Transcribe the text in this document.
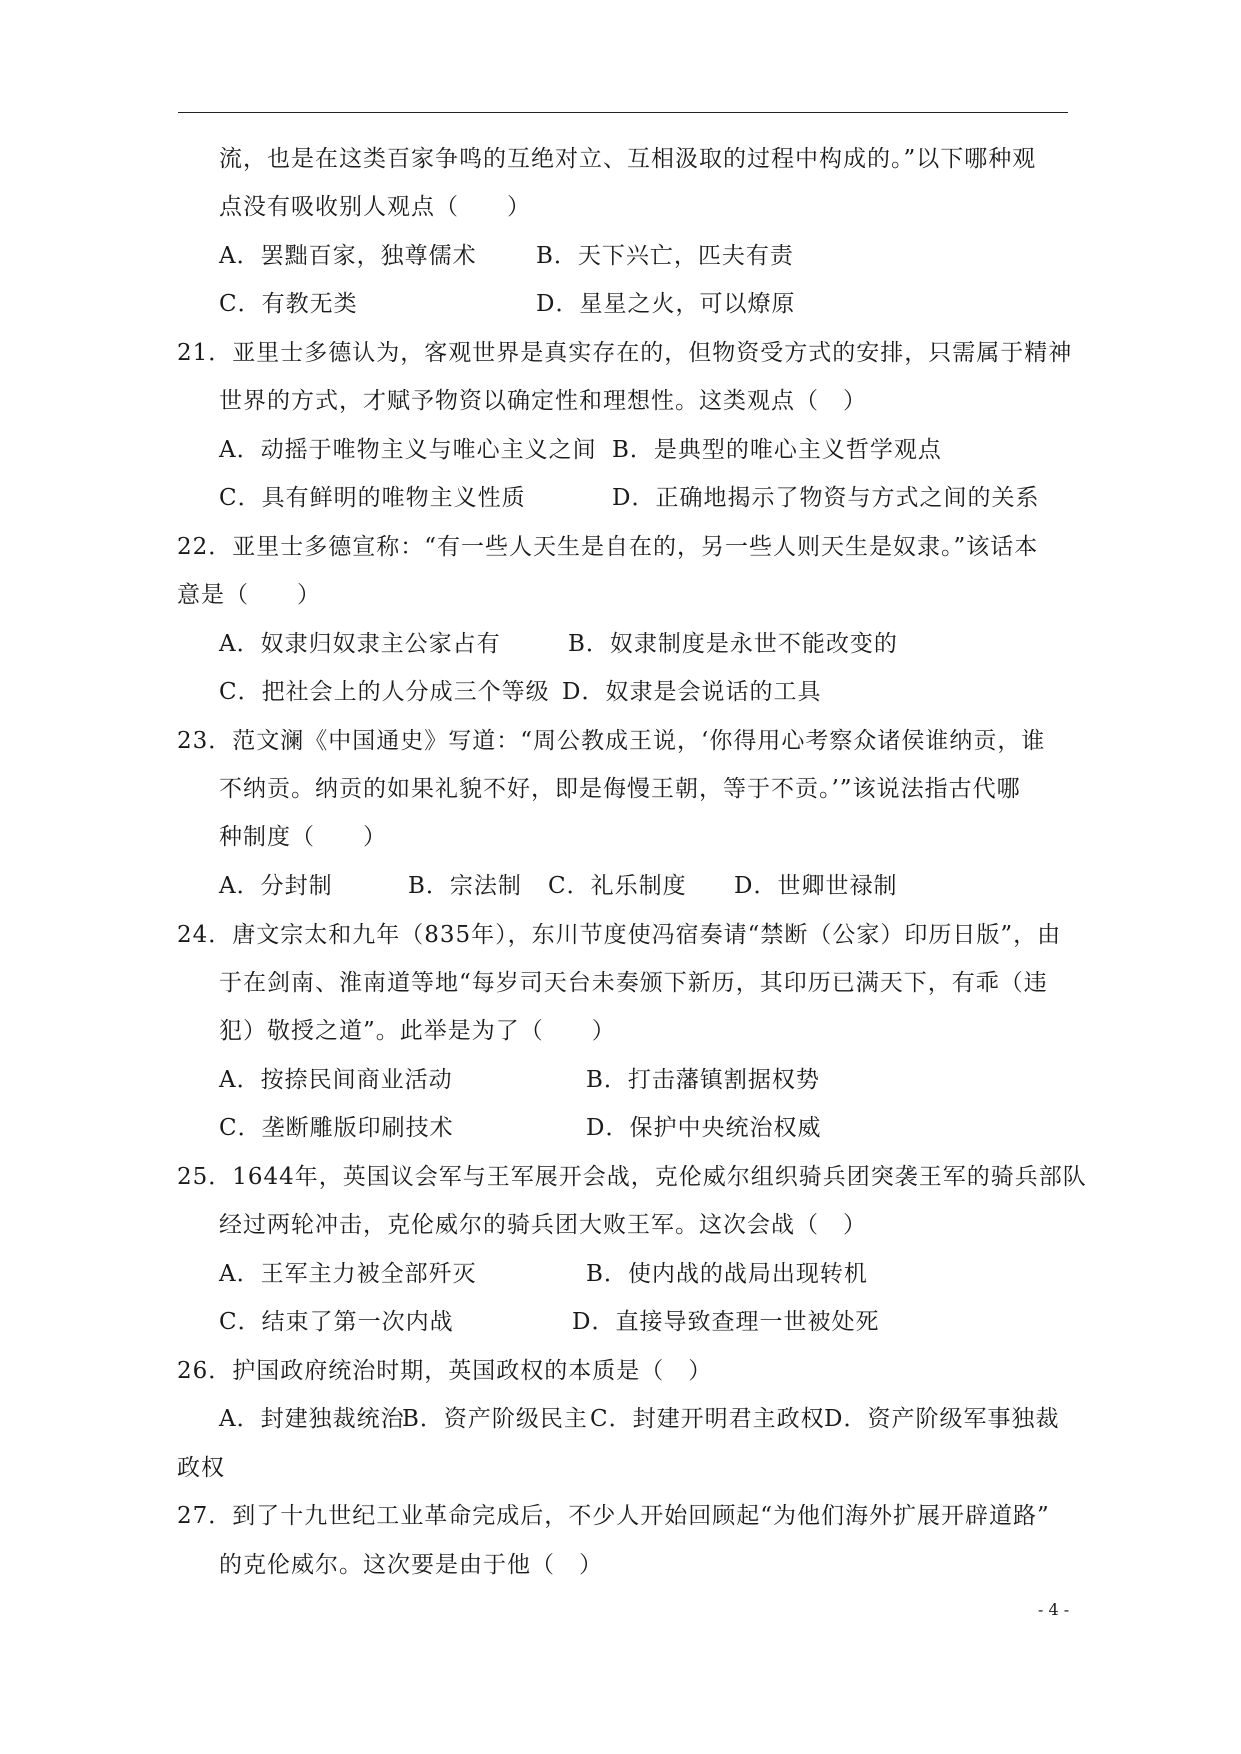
流，也是在这类百家争鸣的互绝对立、互相汲取的过程中构成的。”以下哪种观
点没有吸收别人观点（　　）
A．罢黜百家，独尊儒术	B．天下兴亡，匹夫有责
C．有教无类	D．星星之火，可以燎原
21．亚里士多德认为，客观世界是真实存在的，但物资受方式的安排，只需属于精神
世界的方式，才赋予物资以确定性和理想性。这类观点（　）
A．动摇于唯物主义与唯心主义之间 B．是典型的唯心主义哲学观点
C．具有鲜明的唯物主义性质	D．正确地揭示了物资与方式之间的关系
22．亚里士多德宣称：“有一些人天生是自在的，另一些人则天生是奴隶。”该话本
意是（　　）
A．奴隶归奴隶主公家占有	B．奴隶制度是永世不能改变的
C．把社会上的人分成三个等级 D．奴隶是会说话的工具
23．范文澜《中国通史》写道：“周公教成王说，‘你得用心考察众诸侯谁纳贡，谁
不纳贡。纳贡的如果礼貌不好，即是侮慢王朝，等于不贡。’”该说法指古代哪
种制度（　　）
A．分封制	B．宗法制 C．礼乐制度 D．世卿世禄制
24．唐文宗太和九年（835年），东川节度使冯宿奏请“禁断（公家）印历日版”，由
于在剑南、淮南道等地“每岁司天台未奏颁下新历，其印历已满天下，有乖（违
犯）敬授之道”。此举是为了（　　）
A．按捺民间商业活动	B．打击藩镇割据权势
C．垄断雕版印刷技术	D．保护中央统治权威
25．1644年，英国议会军与王军展开会战，克伦威尔组织骑兵团突袭王军的骑兵部队
经过两轮冲击，克伦威尔的骑兵团大败王军。这次会战（　）
A．王军主力被全部歼灭	B．使内战的战局出现转机
C．结束了第一次内战	D．直接导致查理一世被处死
26．护国政府统治时期，英国政权的本质是（　）
A．封建独裁统治
B．资产阶级民主 C．封建开明君主政权 D．资产阶级军事独裁
政权
27．到了十九世纪工业革命完成后，不少人开始回顾起“为他们海外扩展开辟道路”
的克伦威尔。这次要是由于他（　）
- 4 -
